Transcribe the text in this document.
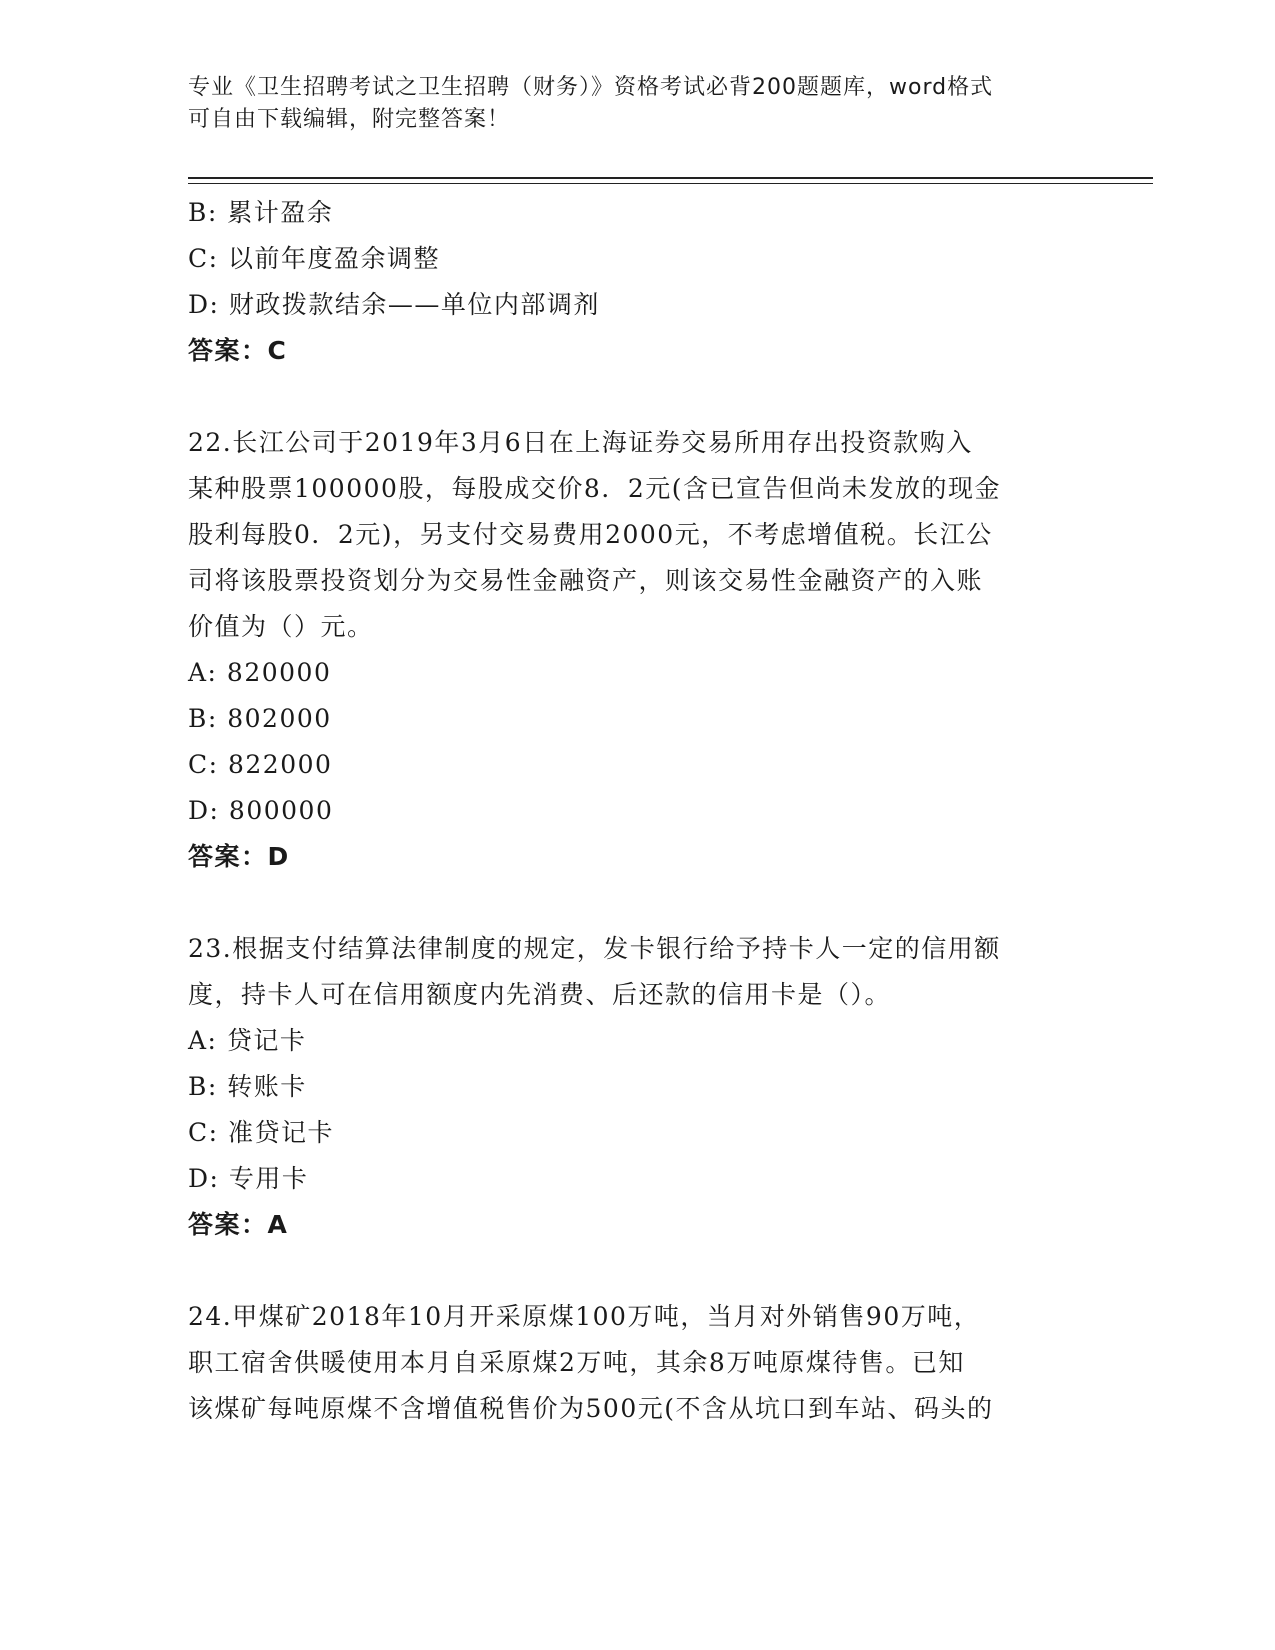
专业《卫生招聘考试之卫生招聘（财务）》资格考试必背200题题库，word格式
可自由下载编辑，附完整答案！
B: 累计盈余
C: 以前年度盈余调整
D: 财政拨款结余——单位内部调剂
答案：C
22.长江公司于2019年3月6日在上海证券交易所用存出投资款购入
某种股票100000股，每股成交价8．2元(含已宣告但尚未发放的现金
股利每股0．2元)，另支付交易费用2000元，不考虑增值税。长江公
司将该股票投资划分为交易性金融资产，则该交易性金融资产的入账
价值为（）元。
A: 820000
B: 802000
C: 822000
D: 800000
答案：D
23.根据支付结算法律制度的规定，发卡银行给予持卡人一定的信用额
度，持卡人可在信用额度内先消费、后还款的信用卡是（）。
A: 贷记卡
B: 转账卡
C: 准贷记卡
D: 专用卡
答案：A
24.甲煤矿2018年10月开采原煤100万吨，当月对外销售90万吨，
职工宿舍供暖使用本月自采原煤2万吨，其余8万吨原煤待售。已知
该煤矿每吨原煤不含增值税售价为500元(不含从坑口到车站、码头的
